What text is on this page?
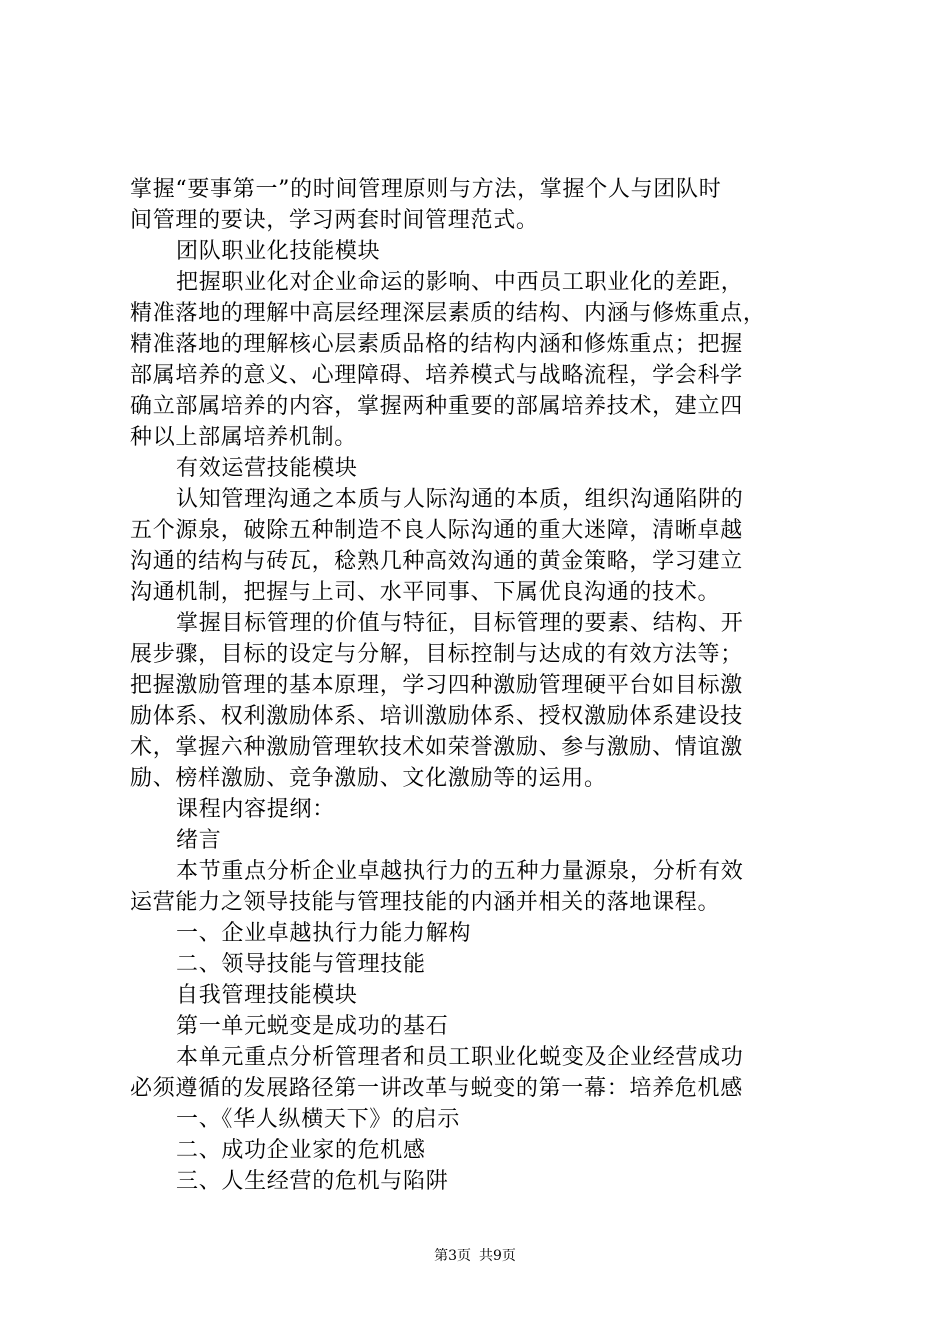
掌握“要事第一”的时间管理原则与方法，掌握个人与团队时
间管理的要诀，学习两套时间管理范式。
团队职业化技能模块
把握职业化对企业命运的影响、中西员工职业化的差距，
精准落地的理解中高层经理深层素质的结构、内涵与修炼重点，
精准落地的理解核心层素质品格的结构内涵和修炼重点；把握
部属培养的意义、心理障碍、培养模式与战略流程，学会科学
确立部属培养的内容，掌握两种重要的部属培养技术，建立四
种以上部属培养机制。
有效运营技能模块
认知管理沟通之本质与人际沟通的本质，组织沟通陷阱的
五个源泉，破除五种制造不良人际沟通的重大迷障，清晰卓越
沟通的结构与砖瓦，稔熟几种高效沟通的黄金策略，学习建立
沟通机制，把握与上司、水平同事、下属优良沟通的技术。
掌握目标管理的价值与特征，目标管理的要素、结构、开
展步骤，目标的设定与分解，目标控制与达成的有效方法等；
把握激励管理的基本原理，学习四种激励管理硬平台如目标激
励体系、权利激励体系、培训激励体系、授权激励体系建设技
术，掌握六种激励管理软技术如荣誉激励、参与激励、情谊激
励、榜样激励、竞争激励、文化激励等的运用。
课程内容提纲：
绪言
本节重点分析企业卓越执行力的五种力量源泉，分析有效
运营能力之领导技能与管理技能的内涵并相关的落地课程。
一、企业卓越执行力能力解构
二、领导技能与管理技能
自我管理技能模块
第一单元蜕变是成功的基石
本单元重点分析管理者和员工职业化蜕变及企业经营成功
必须遵循的发展路径第一讲改革与蜕变的第一幕：培养危机感
一、《华人纵横天下》的启示
二、成功企业家的危机感
三、人生经营的危机与陷阱
第3页 共9页
